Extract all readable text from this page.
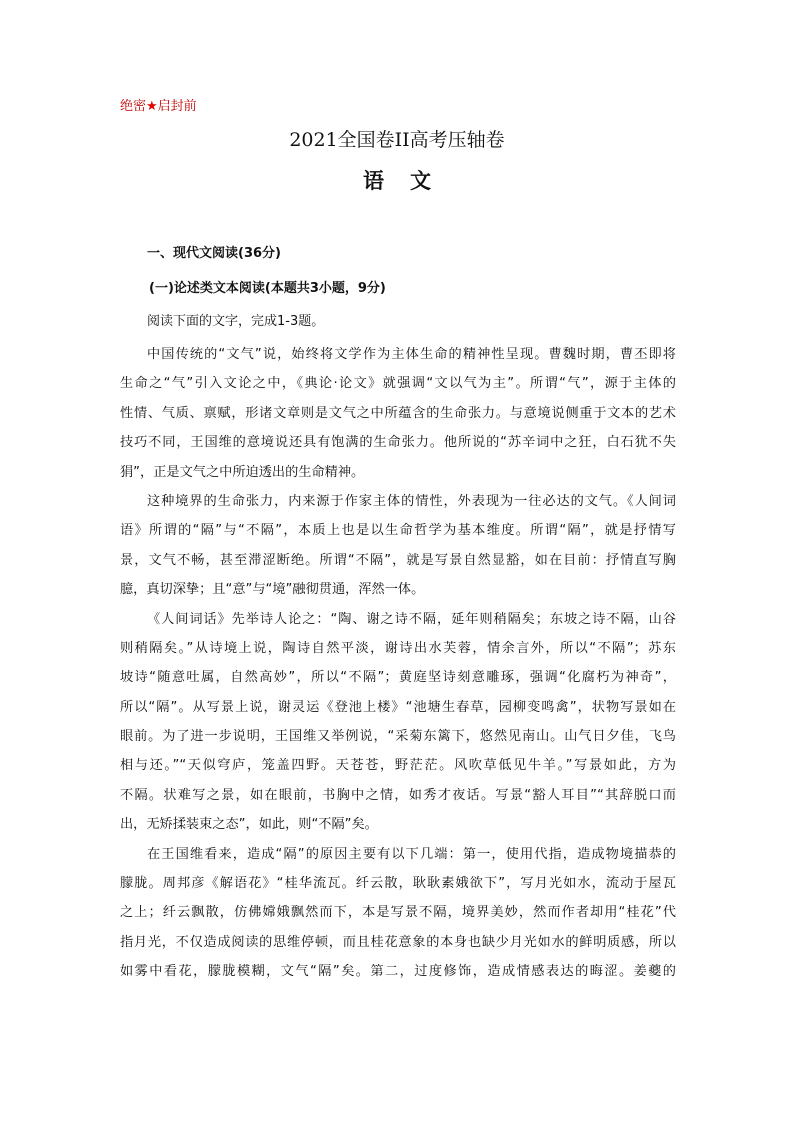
绝密★启封前
2021全国卷II高考压轴卷
语文
一、现代文阅读(36分)
(一)论述类文本阅读(本题共3小题，9分)
阅读下面的文字，完成1-3题。
中国传统的“文气”说，始终将文学作为主体生命的精神性呈现。曹魏时期，曹丕即将
生命之“气”引入文论之中，《典论·论文》就强调“文以气为主”。所谓“气”，源于主体的
性情、气质、禀赋，形诸文章则是文气之中所蕴含的生命张力。与意境说侧重于文本的艺术
技巧不同，王国维的意境说还具有饱满的生命张力。他所说的“苏辛词中之狂，白石犹不失
狷”，正是文气之中所迫透出的生命精神。
这种境界的生命张力，内来源于作家主体的情性，外表现为一往必达的文气。《人间词
语》所谓的“隔”与“不隔”，本质上也是以生命哲学为基本维度。所谓“隔”，就是抒情写
景，文气不畅，甚至滞涩断绝。所谓“不隔”，就是写景自然显豁，如在目前：抒情直写胸
臆，真切深挚；且“意”与“境”融彻贯通，浑然一体。
《人间词话》先举诗人论之：“陶、谢之诗不隔，延年则稍隔矣；东坡之诗不隔，山谷
则稍隔矣。”从诗境上说，陶诗自然平淡，谢诗出水芙蓉，情余言外，所以“不隔”；苏东
坡诗“随意吐属，自然高妙”，所以“不隔”；黄庭坚诗刻意雕琢，强调“化腐朽为神奇”，
所以“隔”。从写景上说，谢灵运《登池上楼》“池塘生春草，园柳变鸣禽”，状物写景如在
眼前。为了进一步说明，王国维又举例说，“采菊东篱下，悠然见南山。山气日夕佳，飞鸟
相与还。”“天似穹庐，笼盖四野。天苍苍，野茫茫。风吹草低见牛羊。”写景如此，方为
不隔。状难写之景，如在眼前，书胸中之情，如秀才夜话。写景“豁人耳目”“其辞脱口而
出，无矫揉装束之态”，如此，则“不隔”矣。
在王国维看来，造成“隔”的原因主要有以下几端：第一，使用代指，造成物境描恭的
朦胧。周邦彦《解语花》“桂华流瓦。纤云散，耿耿素娥欲下”，写月光如水，流动于屋瓦
之上；纤云飘散，仿佛嫦娥飘然而下，本是写景不隔，境界美妙，然而作者却用“桂花”代
指月光，不仅造成阅读的思维停顿，而且桂花意象的本身也缺少月光如水的鲜明质感，所以
如雾中看花，朦胧模糊，文气“隔”矣。第二，过度修饰，造成情感表达的晦涩。姜夔的
